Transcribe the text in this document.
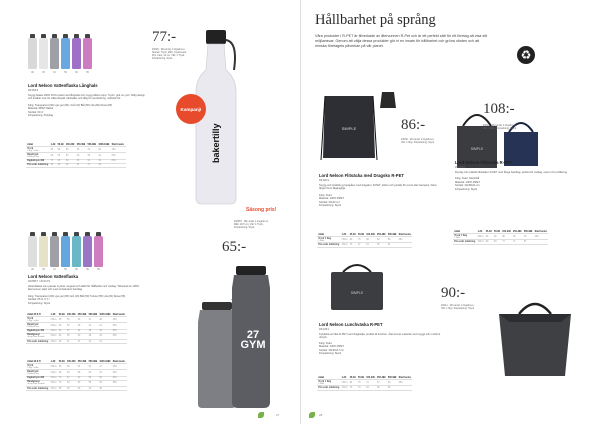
00	05	10	50	60	65
77:-
#1036 · Min.antal: 1 lingarkt.ex. Storlek: Tryck, Mått: Tryckmetod, Pris: Fast, 10 cm, Vikt: 1 Tryck, Förpackning: Styck
bakertilly
Kampanj!
Lord Nelson Vattenflaska Långhals
#31543
Snygg flaska 100% R-Pet plast med långhals och snygg silikon-topp. Tryck i gott om ytor. Stilig design och kvalitet inne för silikonskydd, läcksäker och tålig för användning, märkbar för.
Färg: Transparent (00) Ljus gul (05), Grå (10) Blå (50) Lila (60) Rosa (65)
Material: RPET-flaska
Storlek: 60 cl
Förpackning: Polybag
Antal	1-49	50-99	100-249	250-499	500-999	1000-1999	Start kostn.
Tryck
1 färg 1 ställe	65	55	50	46	42	40	450
Bandtryck
Fullfärg 4 färg	69	59	53	49	45	43	650
Digitaltryck 360	75	65	59	55	51	49	850
Pris exkl. märkning	55	49	45	41	37	35	
00	05	10	50	55	60	65
Säsong pris!
65:-
#10857 · Min.antal: 1 lingarkt.ex. Mått: 20,5 cm, Vikt: 1 Tryck, Förpackning: Styck
Lord Nelson Vattenflaska
#10857 / #11173
Vattenflaska som passar mycket i augusti och alltid för hållbarhet och vardag. Tillverkad av 100% återvunnen plast och med ett bekvämt handtag.
Färg: Transparent (00) Ljus gul (05) Grå (10) Blå (50) Turkos (55) Lila (60) Rosa (65)
Storlek: 65 cl, 0,7 l
Förpackning: Styck
Antal till 0,7l	1-49	50-99	100-249	250-499	500-999	1000-1999	Start kostn.
Tryck
1 färg 1 ställe	Offert	55	50	45	41	38	450
Bandtryck
Fullfärg 4 färg	Offert	59	53	48	44	41	650
Digitaltryck 360	Offert	63	57	52	48	45	850
Bandgravyr
Gravyr efter förstärkt	Offert	60	55	50	46	43	550
Pris exkl. märkning	Offert	45	41	37	34	31	
Antal till 0,7l	1-49	50-99	100-249	250-499	500-999	1000-1999	Start kostn.
Tryck
1 färg 1 ställe	Offert	65	59	54	50	47	450
Bandtryck
Fullfärg 4 färg	Offert	69	63	58	54	51	650
Digitaltryck 360	Offert	73	67	62	58	55	850
Bandgravyr
Gravyr efter förstärkt	Offert	70	64	59	55	52	550
Pris exkl. märkning	Offert	55	50	46	42	39	
27 GYM
27
Hållbarhet på språng
Våra produkter i R-PET är tillverkade av återvunnen R-Pet och är ett perfekt sätt för ett företag att visa sitt miljöansvar. Genom att välja dessa produkter gör ni en insats för hållbarhet och gröna värden och att minska företagets påverkan på vår planet.
♻
SIMPLE	86:-
#1039 · Min.antal: 1 lingarkt.ex. Vikt: 1 färg. Förpackning: Styck
Lord Nelson Flitsäcka med Dragsko R-PET
#31201
Snygg och praktisk gympapåse med dragsko i R-PET, stilren och perfekt för event eller kampanj. Flera färger finns tillgängliga.
Färg: Svart
Material: 100% RPET
Storlek: 33x42 cm
Förpackning: Styck
Antal	1-24	25-49	50-99	100-249	250-499	500-999	Start kostn.
Tryck 1 färg
1 ställe	Offert	82	75	68	62	58	450
Pris exkl. märkning	Offert	74	67	61	55	51	
SIMPLE
108:-
#1040 · Min.antal: 1 lingarkt.ex. Vikt: 1 färg. Förpackning: Styck
Lord Nelson Filtväska R-PET
#31210
Rymlig och praktisk filtväska i R-PET med långa handtag, perfekt för vardag, event och profilering.
Färg: Svart, Marinblå
Material: 100% RPET
Storlek: 40x38x11 cm
Förpackning: Styck
Antal	1-24	25-49	50-99	100-249	250-499	500-999	Start kostn.
Tryck 1 färg
1 ställe	Offert	99	92	86	80	76	450
Pris exkl. märkning	Offert	90	83	77	71	67	
SIMPLE
Lord Nelson Lunchväska R-PET
#31251
Kylväska av filtat R-PET med dragkedja, perfekt till lunchen. Återvunnet material med snyggt och modernt uttryck.
Färg: Svart
Material: 100% RPET
Storlek: 30x20x17 cm
Förpackning: Styck
Antal	1-24	25-49	50-99	100-249	250-499	500-999	Start kostn.
Tryck 1 färg
1 ställe	Offert	84	78	72	67	63	450
Pris exkl. märkning	Offert	76	70	64	59	55	
90:-
#1041 · Min.antal: 1 lingarkt.ex. Vikt: 1 färg. Förpackning: Styck
28
